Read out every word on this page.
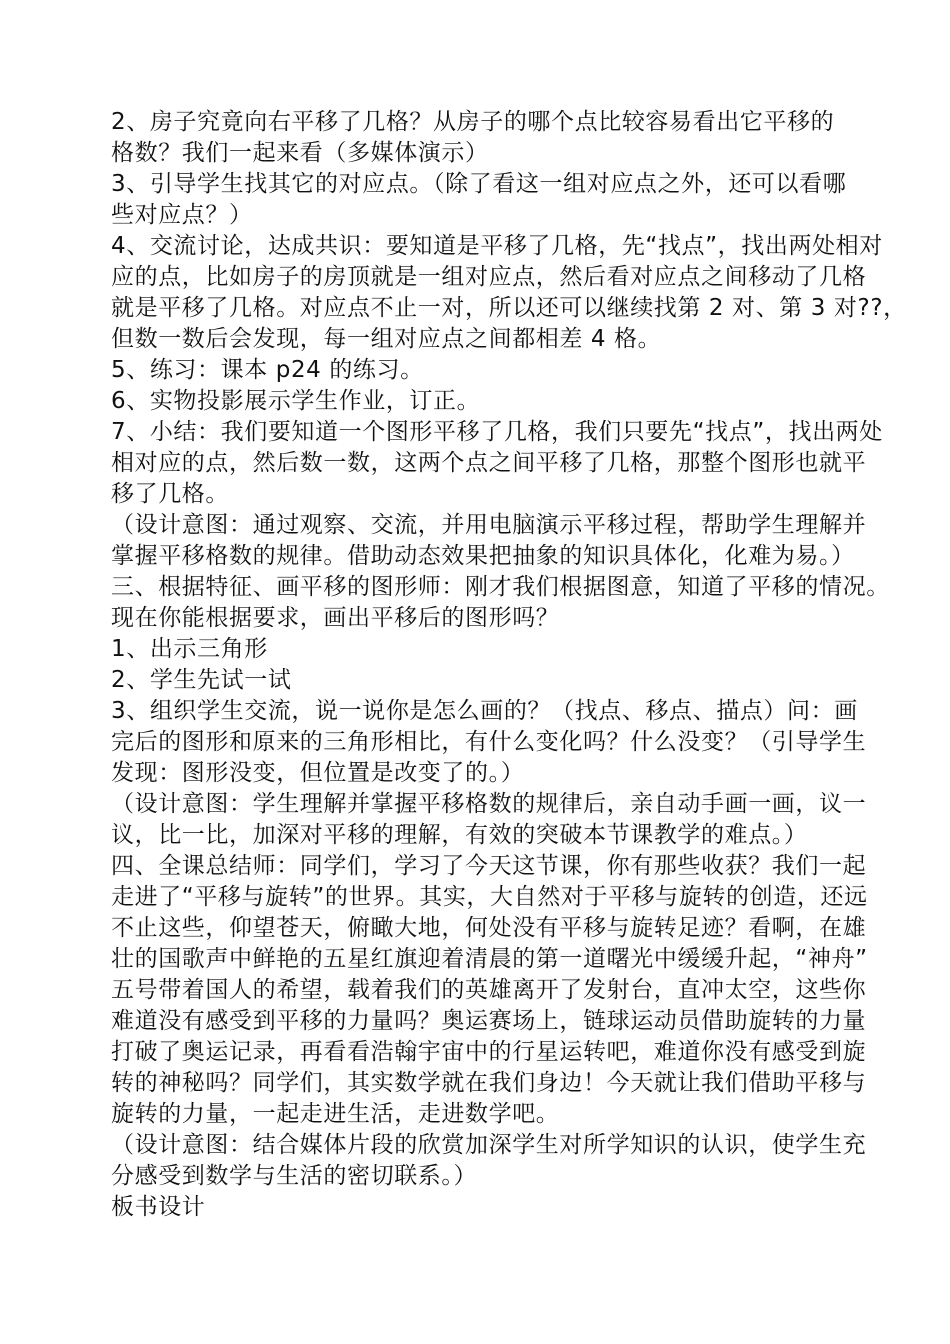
2、房子究竟向右平移了几格？从房子的哪个点比较容易看出它平移的
格数？我们一起来看（多媒体演示）
3、引导学生找其它的对应点。（除了看这一组对应点之外，还可以看哪
些对应点？）
4、交流讨论，达成共识：要知道是平移了几格，先“找点”，找出两处相对
应的点，比如房子的房顶就是一组对应点，然后看对应点之间移动了几格
就是平移了几格。对应点不止一对，所以还可以继续找第 2 对、第 3 对??，
但数一数后会发现，每一组对应点之间都相差 4 格。
5、练习：课本 p24 的练习。
6、实物投影展示学生作业，订正。
7、小结：我们要知道一个图形平移了几格，我们只要先“找点”，找出两处
相对应的点，然后数一数，这两个点之间平移了几格，那整个图形也就平
移了几格。
（设计意图：通过观察、交流，并用电脑演示平移过程，帮助学生理解并
掌握平移格数的规律。借助动态效果把抽象的知识具体化，化难为易。）
三、根据特征、画平移的图形师：刚才我们根据图意，知道了平移的情况。
现在你能根据要求，画出平移后的图形吗？
1、出示三角形
2、学生先试一试
3、组织学生交流，说一说你是怎么画的？（找点、移点、描点）问：画
完后的图形和原来的三角形相比，有什么变化吗？什么没变？（引导学生
发现：图形没变，但位置是改变了的。）
（设计意图：学生理解并掌握平移格数的规律后，亲自动手画一画，议一
议，比一比，加深对平移的理解，有效的突破本节课教学的难点。）
四、全课总结师：同学们，学习了今天这节课，你有那些收获？我们一起
走进了“平移与旋转”的世界。其实，大自然对于平移与旋转的创造，还远
不止这些，仰望苍天，俯瞰大地，何处没有平移与旋转足迹？看啊，在雄
壮的国歌声中鲜艳的五星红旗迎着清晨的第一道曙光中缓缓升起，“神舟”
五号带着国人的希望，载着我们的英雄离开了发射台，直冲太空，这些你
难道没有感受到平移的力量吗？奥运赛场上，链球运动员借助旋转的力量
打破了奥运记录，再看看浩翰宇宙中的行星运转吧，难道你没有感受到旋
转的神秘吗？同学们，其实数学就在我们身边！今天就让我们借助平移与
旋转的力量，一起走进生活，走进数学吧。
（设计意图：结合媒体片段的欣赏加深学生对所学知识的认识，使学生充
分感受到数学与生活的密切联系。）
板书设计
